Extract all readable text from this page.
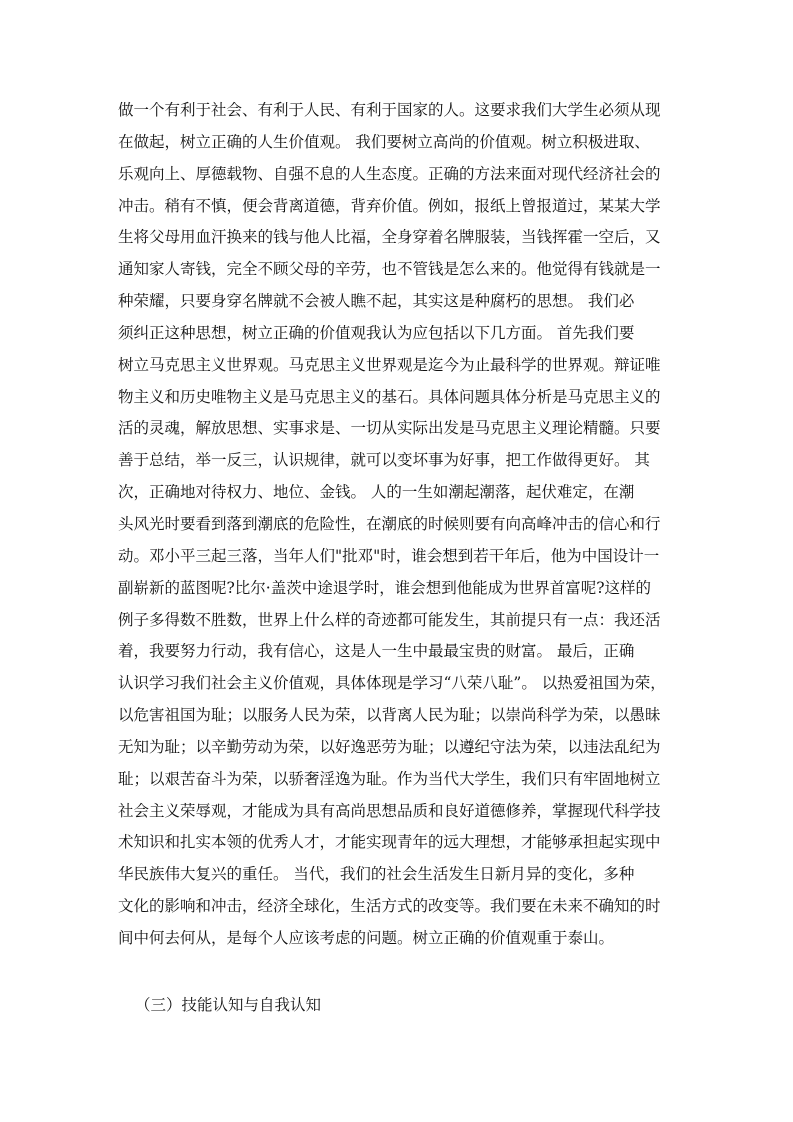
做一个有利于社会、有利于人民、有利于国家的人。这要求我们大学生必须从现
在做起，树立正确的人生价值观。 我们要树立高尚的价值观。树立积极进取、
乐观向上、厚德载物、自强不息的人生态度。正确的方法来面对现代经济社会的
冲击。稍有不慎，便会背离道德，背弃价值。例如，报纸上曾报道过，某某大学
生将父母用血汗换来的钱与他人比福，全身穿着名牌服装，当钱挥霍一空后，又
通知家人寄钱，完全不顾父母的辛劳，也不管钱是怎么来的。他觉得有钱就是一
种荣耀，只要身穿名牌就不会被人瞧不起，其实这是种腐朽的思想。 我们必
须纠正这种思想，树立正确的价值观我认为应包括以下几方面。 首先我们要
树立马克思主义世界观。马克思主义世界观是迄今为止最科学的世界观。辩证唯
物主义和历史唯物主义是马克思主义的基石。具体问题具体分析是马克思主义的
活的灵魂，解放思想、实事求是、一切从实际出发是马克思主义理论精髓。只要
善于总结，举一反三，认识规律，就可以变坏事为好事，把工作做得更好。 其
次，正确地对待权力、地位、金钱。 人的一生如潮起潮落，起伏难定，在潮
头风光时要看到落到潮底的危险性，在潮底的时候则要有向高峰冲击的信心和行
动。邓小平三起三落，当年人们"批邓"时，谁会想到若干年后，他为中国设计一
副崭新的蓝图呢?比尔·盖茨中途退学时，谁会想到他能成为世界首富呢?这样的
例子多得数不胜数，世界上什么样的奇迹都可能发生，其前提只有一点：我还活
着，我要努力行动，我有信心，这是人一生中最最宝贵的财富。 最后，正确
认识学习我们社会主义价值观，具体体现是学习“八荣八耻”。 以热爱祖国为荣，
以危害祖国为耻；以服务人民为荣，以背离人民为耻；以崇尚科学为荣，以愚昧
无知为耻；以辛勤劳动为荣，以好逸恶劳为耻；以遵纪守法为荣，以违法乱纪为
耻；以艰苦奋斗为荣，以骄奢淫逸为耻。作为当代大学生，我们只有牢固地树立
社会主义荣辱观，才能成为具有高尚思想品质和良好道德修养，掌握现代科学技
术知识和扎实本领的优秀人才，才能实现青年的远大理想，才能够承担起实现中
华民族伟大复兴的重任。 当代，我们的社会生活发生日新月异的变化，多种
文化的影响和冲击，经济全球化，生活方式的改变等。我们要在未来不确知的时
间中何去何从，是每个人应该考虑的问题。树立正确的价值观重于泰山。
（三）技能认知与自我认知
